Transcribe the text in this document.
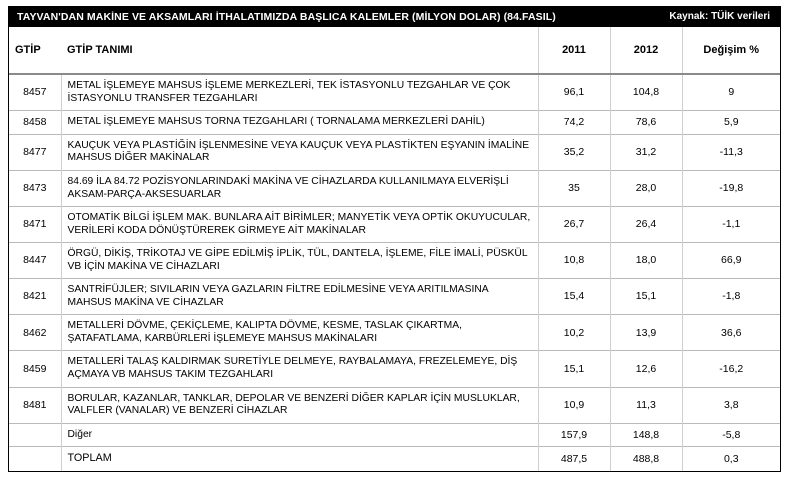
TAYVAN'DAN MAKİNE VE AKSAMLARI İTHALATIMIZDA BAŞLICA KALEMLER (MİLYON DOLAR) (84.FASIL)	Kaynak: TÜİK verileri
GTİP	GTİP TANIMI	2011	2012	Değişim %
8457	METAL İŞLEMEYE MAHSUS İŞLEME MERKEZLERİ, TEK İSTASYONLU TEZGAHLAR VE ÇOK İSTASYONLU TRANSFER TEZGAHLARI	96,1	104,8	9
8458	METAL İŞLEMEYE MAHSUS TORNA TEZGAHLARI ( TORNALAMA MERKEZLERİ DAHİL)	74,2	78,6	5,9
8477	KAUÇUK VEYA PLASTİĞİN İŞLENMESİNE VEYA KAUÇUK VEYA PLASTİKTEN EŞYANIN İMALİNE MAHSUS DİĞER MAKİNALAR	35,2	31,2	-11,3
8473	84.69 İLA 84.72 POZİSYONLARINDAKİ MAKİNA VE CİHAZLARDA KULLANILMAYA ELVERİŞLİ AKSAM-PARÇA-AKSESUARLAR	35	28,0	-19,8
8471	OTOMATİK BİLGİ İŞLEM MAK. BUNLARA AİT BİRİMLER; MANYETİK VEYA OPTİK OKUYUCULAR, VERİLERİ KODA DÖNÜŞTÜREREK GİRMEYE AİT MAKİNALAR	26,7	26,4	-1,1
8447	ÖRGÜ, DİKİŞ, TRİKOTAJ VE GİPE EDİLMİŞ İPLİK, TÜL, DANTELA, İŞLEME, FİLE İMALİ, PÜSKÜL VB İÇİN MAKİNA VE CİHAZLARI	10,8	18,0	66,9
8421	SANTRİFÜJLER; SIVILARIN VEYA GAZLARIN FİLTRE EDİLMESİNE VEYA ARITILMASINA MAHSUS MAKİNA VE CİHAZLAR	15,4	15,1	-1,8
8462	METALLERİ DÖVME, ÇEKİÇLEME, KALIPTA DÖVME, KESME, TASLAK ÇIKARTMA, ŞATAFATLAMA, KARBÜRLERİ İŞLEMEYE MAHSUS MAKİNALARI	10,2	13,9	36,6
8459	METALLERİ TALAŞ KALDIRMAK SURETİYLE DELMEYE, RAYBALAMAYA, FREZELEMEYE, DİŞ AÇMAYA VB MAHSUS TAKIM TEZGAHLARI	15,1	12,6	-16,2
8481	BORULAR, KAZANLAR, TANKLAR, DEPOLAR VE BENZERİ DİĞER KAPLAR İÇİN MUSLUKLAR, VALFLER (VANALAR) VE BENZERİ CİHAZLAR	10,9	11,3	3,8
	Diğer	157,9	148,8	-5,8
	TOPLAM	487,5	488,8	0,3
